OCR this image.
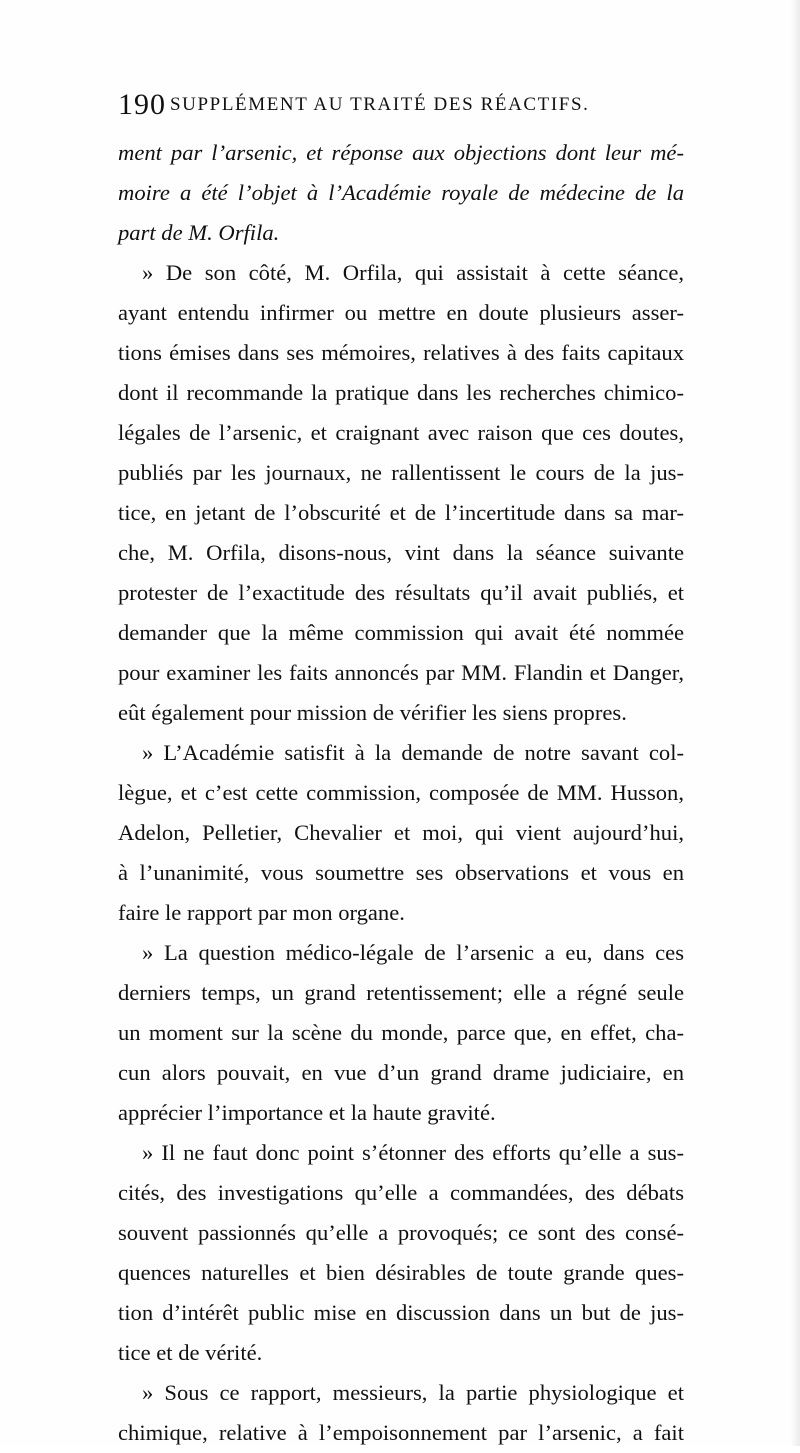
190 SUPPLÉMENT AU TRAITÉ DES RÉACTIFS.
ment par l’arsenic, et réponse aux objections dont leur mé-
moire a été l’objet à l’Académie royale de médecine de la
part de M. Orfila.
» De son côté, M. Orfila, qui assistait à cette séance,
ayant entendu infirmer ou mettre en doute plusieurs asser-
tions émises dans ses mémoires, relatives à des faits capitaux
dont il recommande la pratique dans les recherches chimico-
légales de l’arsenic, et craignant avec raison que ces doutes,
publiés par les journaux, ne rallentissent le cours de la jus-
tice, en jetant de l’obscurité et de l’incertitude dans sa mar-
che, M. Orfila, disons-nous, vint dans la séance suivante
protester de l’exactitude des résultats qu’il avait publiés, et
demander que la même commission qui avait été nommée
pour examiner les faits annoncés par MM. Flandin et Danger,
eût également pour mission de vérifier les siens propres.
» L’Académie satisfit à la demande de notre savant col-
lègue, et c’est cette commission, composée de MM. Husson,
Adelon, Pelletier, Chevalier et moi, qui vient aujourd’hui,
à l’unanimité, vous soumettre ses observations et vous en
faire le rapport par mon organe.
» La question médico-légale de l’arsenic a eu, dans ces
derniers temps, un grand retentissement; elle a régné seule
un moment sur la scène du monde, parce que, en effet, cha-
cun alors pouvait, en vue d’un grand drame judiciaire, en
apprécier l’importance et la haute gravité.
» Il ne faut donc point s’étonner des efforts qu’elle a sus-
cités, des investigations qu’elle a commandées, des débats
souvent passionnés qu’elle a provoqués; ce sont des consé-
quences naturelles et bien désirables de toute grande ques-
tion d’intérêt public mise en discussion dans un but de jus-
tice et de vérité.
» Sous ce rapport, messieurs, la partie physiologique et
chimique, relative à l’empoisonnement par l’arsenic, a fait
